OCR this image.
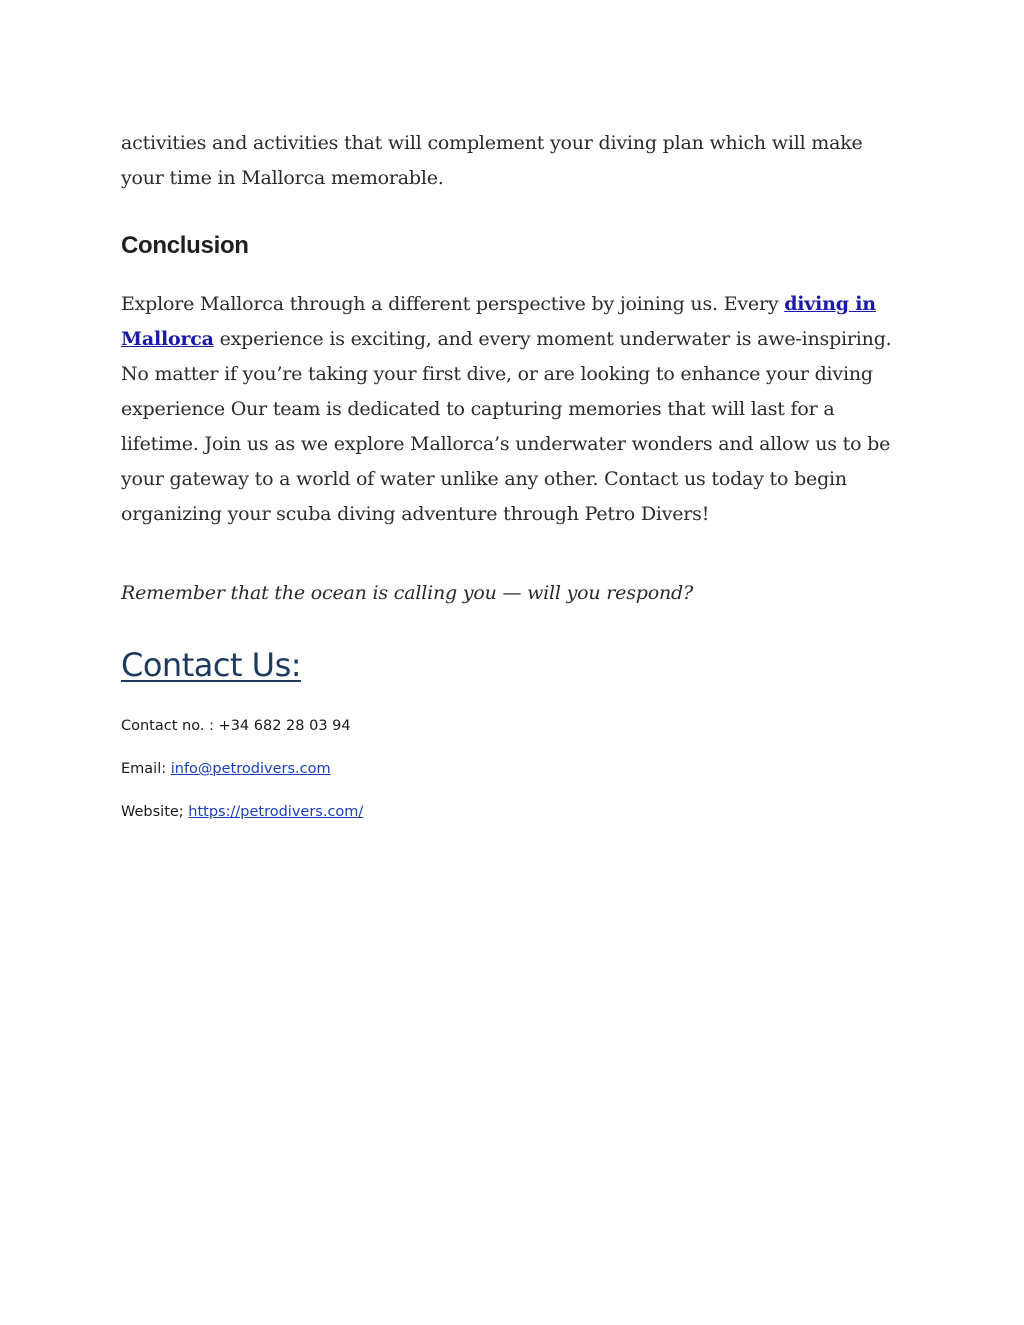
activities and activities that will complement your diving plan which will make your time in Mallorca memorable.

Conclusion

Explore Mallorca through a different perspective by joining us. Every diving in Mallorca experience is exciting, and every moment underwater is awe-inspiring. No matter if you’re taking your first dive, or are looking to enhance your diving experience Our team is dedicated to capturing memories that will last for a lifetime. Join us as we explore Mallorca’s underwater wonders and allow us to be your gateway to a world of water unlike any other. Contact us today to begin organizing your scuba diving adventure through Petro Divers!

Remember that the ocean is calling you — will you respond?

Contact Us:

Contact no. : +34 682 28 03 94

Email: info@petrodivers.com

Website; https://petrodivers.com/
